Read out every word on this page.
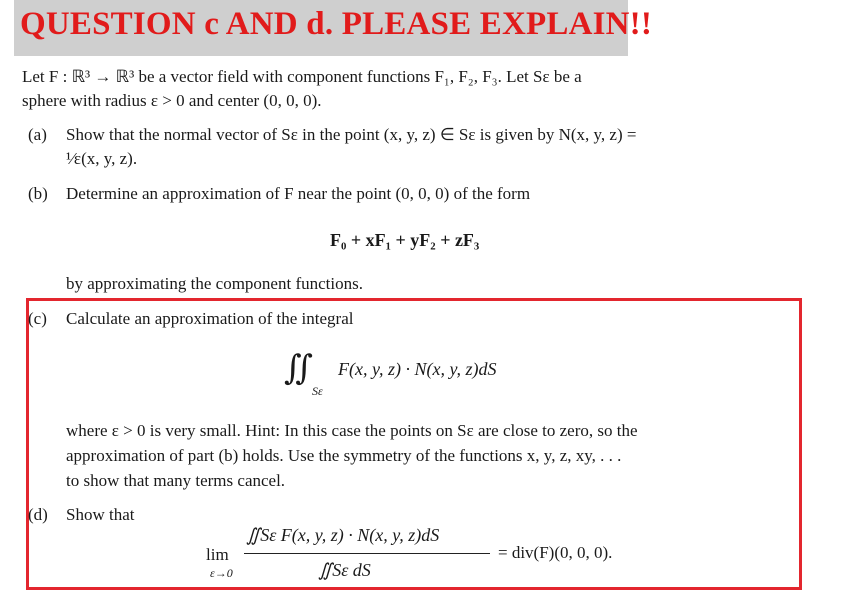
QUESTION c AND d. PLEASE EXPLAIN!!
Let F : ℝ³ → ℝ³ be a vector field with component functions F₁, F₂, F₃. Let Sε be a
sphere with radius ε > 0 and center (0, 0, 0).
(a) Show that the normal vector of Sε in the point (x, y, z) ∈ Sε is given by N(x, y, z) =
¹⁄ε(x, y, z).
(b) Determine an approximation of F near the point (0, 0, 0) of the form
F₀ + xF₁ + yF₂ + zF₃
by approximating the component functions.
(c) Calculate an approximation of the integral
∬
Sε
F(x, y, z) · N(x, y, z)dS
where ε > 0 is very small. Hint: In this case the points on Sε are close to zero, so the
approximation of part (b) holds. Use the symmetry of the functions x, y, z, xy, . . .
to show that many terms cancel.
(d) Show that
lim
ε→0
∬Sε F(x, y, z) · N(x, y, z)dS
∬Sε dS
= div(F)(0, 0, 0).
